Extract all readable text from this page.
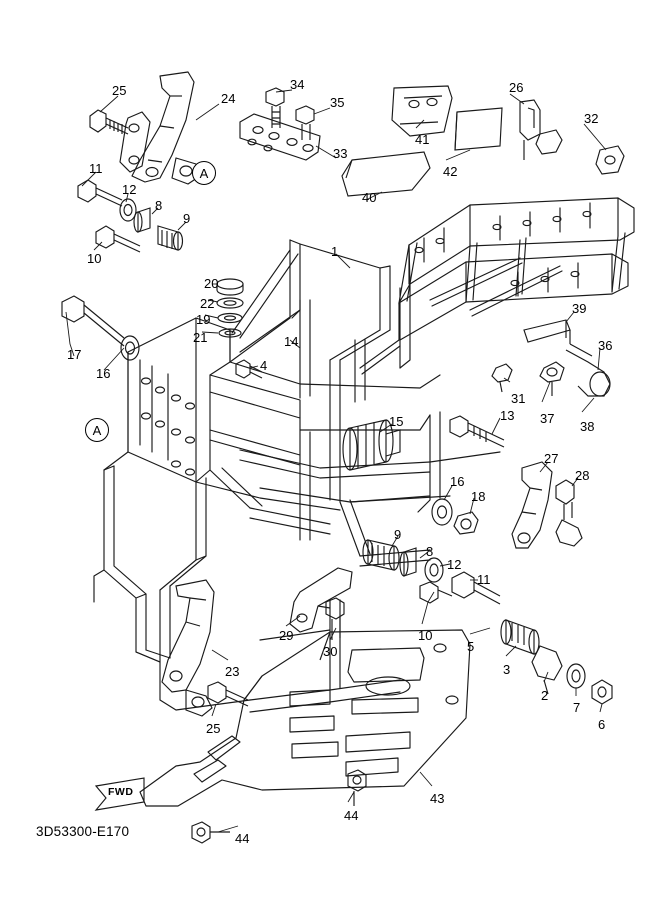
25
24
34
35
26
32
41
33
42
11
12
8
9
40
10	1
20
22
19
21
39
36
14
17
16
4
31
37
38
15	13
27
28
16
18
9
8
12
11
29
30
10
5
3
2
7
6
23
25
43
44
44
A
A
FWD
3D53300-E170
